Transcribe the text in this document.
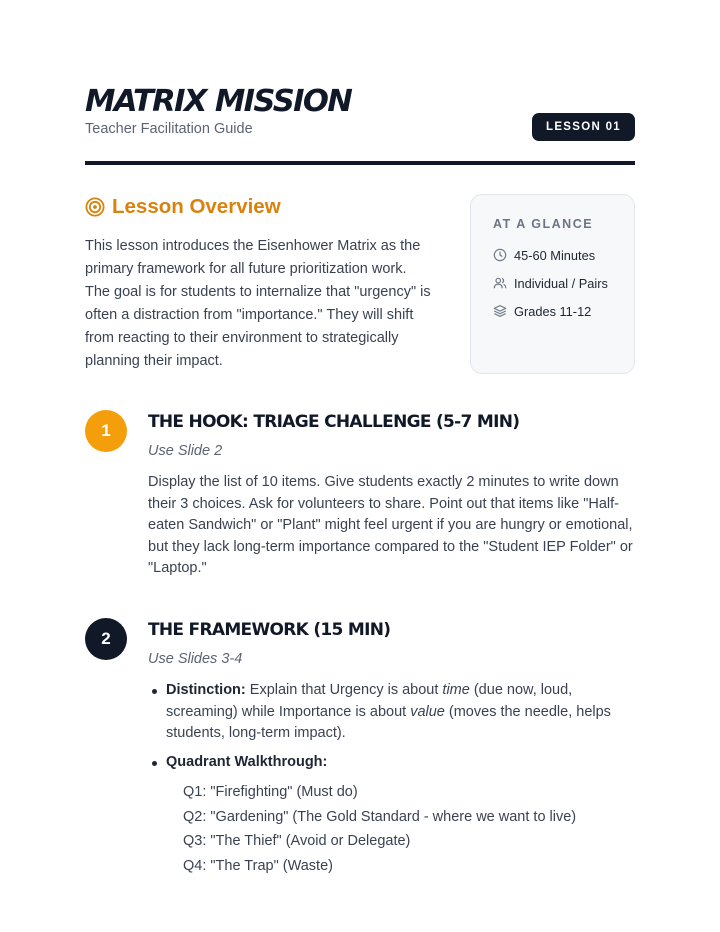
MATRIX MISSION
Teacher Facilitation Guide	LESSON 01
Lesson Overview

This lesson introduces the Eisenhower Matrix as the primary framework for all future prioritization work. The goal is for students to internalize that "urgency" is often a distraction from "importance." They will shift from reacting to their environment to strategically planning their impact.

AT A GLANCE
45-60 Minutes
Individual / Pairs
Grades 11-12
1	THE HOOK: TRIAGE CHALLENGE (5-7 MIN)
Use Slide 2

Display the list of 10 items. Give students exactly 2 minutes to write down their 3 choices. Ask for volunteers to share. Point out that items like "Half-eaten Sandwich" or "Plant" might feel urgent if you are hungry or emotional, but they lack long-term importance compared to the "Student IEP Folder" or "Laptop."

2	THE FRAMEWORK (15 MIN)
Use Slides 3-4
Distinction: Explain that Urgency is about time (due now, loud, screaming) while Importance is about value (moves the needle, helps students, long-term impact).
Quadrant Walkthrough:
Q1: "Firefighting" (Must do)
Q2: "Gardening" (The Gold Standard - where we want to live)
Q3: "The Thief" (Avoid or Delegate)
Q4: "The Trap" (Waste)
